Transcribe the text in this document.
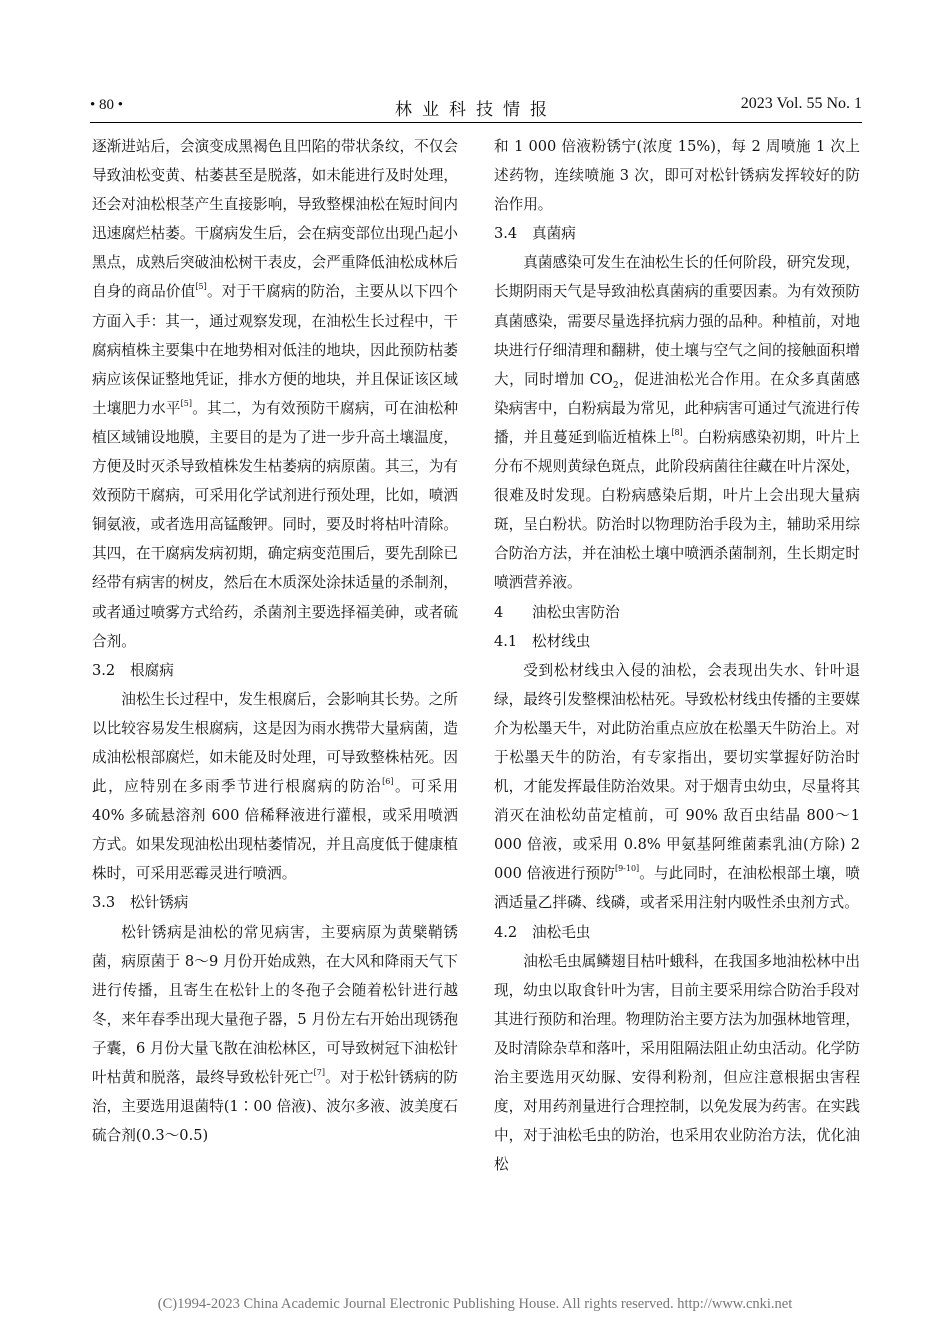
• 80 •	林业科技情报	2023 Vol. 55 No. 1

逐渐进站后，会演变成黑褐色且凹陷的带状条纹，不仅会导致油松变黄、枯萎甚至是脱落，如未能进行及时处理，还会对油松根茎产生直接影响，导致整棵油松在短时间内迅速腐烂枯萎。干腐病发生后，会在病变部位出现凸起小黑点，成熟后突破油松树干表皮，会严重降低油松成林后自身的商品价值[5]。对于干腐病的防治，主要从以下四个方面入手：其一，通过观察发现，在油松生长过程中，干腐病植株主要集中在地势相对低洼的地块，因此预防枯萎病应该保证整地凭证，排水方便的地块，并且保证该区域土壤肥力水平[5]。其二，为有效预防干腐病，可在油松种植区域铺设地膜，主要目的是为了进一步升高土壤温度，方便及时灭杀导致植株发生枯萎病的病原菌。其三，为有效预防干腐病，可采用化学试剂进行预处理，比如，喷洒铜氨液，或者选用高锰酸钾。同时，要及时将枯叶清除。其四，在干腐病发病初期，确定病变范围后，要先刮除已经带有病害的树皮，然后在木质深处涂抹适量的杀制剂，或者通过喷雾方式给药，杀菌剂主要选择福美砷，或者硫合剂。

3.2 根腐病

油松生长过程中，发生根腐后，会影响其长势。之所以比较容易发生根腐病，这是因为雨水携带大量病菌，造成油松根部腐烂，如未能及时处理，可导致整株枯死。因此，应特别在多雨季节进行根腐病的防治[6]。可采用 40% 多硫悬溶剂 600 倍稀释液进行灌根，或采用喷洒方式。如果发现油松出现枯萎情况，并且高度低于健康植株时，可采用恶霉灵进行喷洒。

3.3 松针锈病

松针锈病是油松的常见病害，主要病原为黄檗鞘锈菌，病原菌于 8～9 月份开始成熟，在大风和降雨天气下进行传播，且寄生在松针上的冬孢子会随着松针进行越冬，来年春季出现大量孢子器，5 月份左右开始出现锈孢子囊，6 月份大量飞散在油松林区，可导致树冠下油松针叶枯黄和脱落，最终导致松针死亡[7]。对于松针锈病的防治，主要选用退菌特(1∶00 倍液)、波尔多液、波美度石硫合剂(0.3～0.5)

和 1 000 倍液粉锈宁(浓度 15%)，每 2 周喷施 1 次上述药物，连续喷施 3 次，即可对松针锈病发挥较好的防治作用。

3.4 真菌病

真菌感染可发生在油松生长的任何阶段，研究发现，长期阴雨天气是导致油松真菌病的重要因素。为有效预防真菌感染，需要尽量选择抗病力强的品种。种植前，对地块进行仔细清理和翻耕，使土壤与空气之间的接触面积增大，同时增加 $CO_2$，促进油松光合作用。在众多真菌感染病害中，白粉病最为常见，此种病害可通过气流进行传播，并且蔓延到临近植株上[8]。白粉病感染初期，叶片上分布不规则黄绿色斑点，此阶段病菌往往藏在叶片深处，很难及时发现。白粉病感染后期，叶片上会出现大量病斑，呈白粉状。防治时以物理防治手段为主，辅助采用综合防治方法，并在油松土壤中喷洒杀菌制剂，生长期定时喷洒营养液。

4 油松虫害防治

4.1 松材线虫

受到松材线虫入侵的油松，会表现出失水、针叶退绿，最终引发整棵油松枯死。导致松材线虫传播的主要媒介为松墨天牛，对此防治重点应放在松墨天牛防治上。对于松墨天牛的防治，有专家指出，要切实掌握好防治时机，才能发挥最佳防治效果。对于烟青虫幼虫，尽量将其消灭在油松幼苗定植前，可 90% 敌百虫结晶 800～1 000 倍液，或采用 0.8% 甲氨基阿维菌素乳油(方除) 2 000 倍液进行预防[9-10]。与此同时，在油松根部土壤，喷洒适量乙拌磷、线磷，或者采用注射内吸性杀虫剂方式。

4.2 油松毛虫

油松毛虫属鳞翅目枯叶蛾科，在我国多地油松林中出现，幼虫以取食针叶为害，目前主要采用综合防治手段对其进行预防和治理。物理防治主要方法为加强林地管理，及时清除杂草和落叶，采用阻隔法阻止幼虫活动。化学防治主要选用灭幼脲、安得利粉剂，但应注意根据虫害程度，对用药剂量进行合理控制，以免发展为药害。在实践中，对于油松毛虫的防治，也采用农业防治方法，优化油松

(C)1994-2023 China Academic Journal Electronic Publishing House. All rights reserved. http://www.cnki.net
